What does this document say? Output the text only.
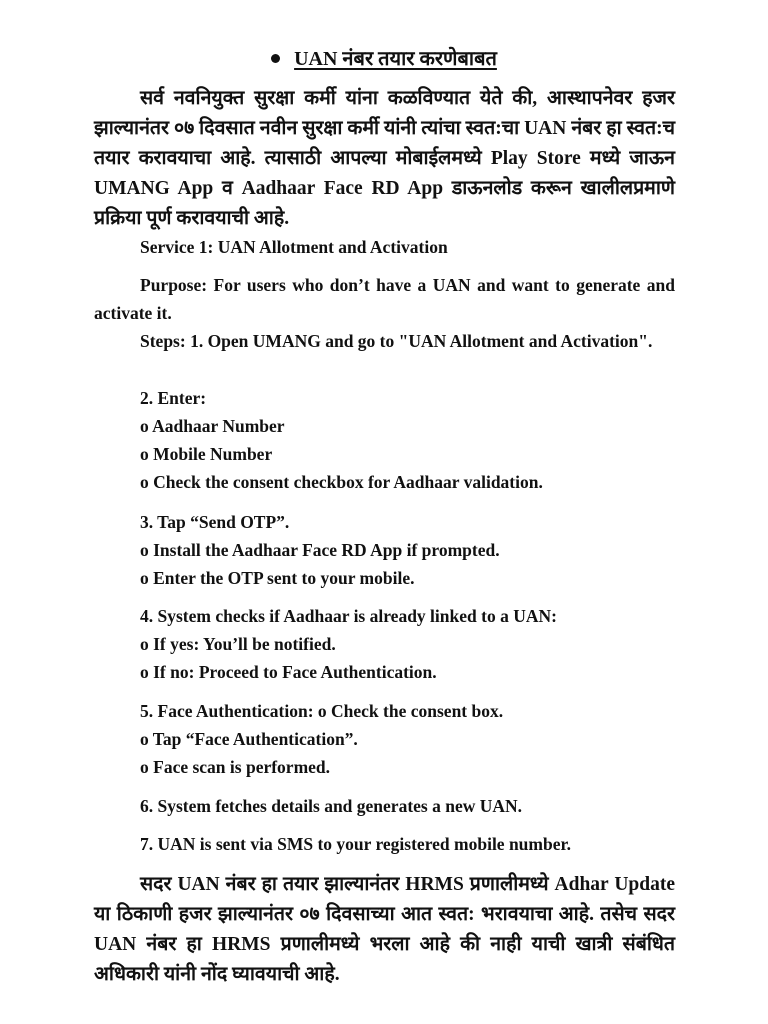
UAN नंबर तयार करणेबाबत
सर्व नवनियुक्त सुरक्षा कर्मी यांना कळविण्यात येते की, आस्थापनेवर हजर झाल्यानंतर ०७ दिवसात नवीन सुरक्षा कर्मी यांनी त्यांचा स्वत:चा UAN नंबर हा स्वत:च तयार करावयाचा आहे. त्यासाठी आपल्या मोबाईलमध्ये Play Store मध्ये जाऊन UMANG App व Aadhaar Face RD App डाऊनलोड करून खालीलप्रमाणे प्रक्रिया पूर्ण करावयाची आहे.
Service 1: UAN Allotment and Activation
Purpose: For users who don’t have a UAN and want to generate and activate it.
Steps: 1. Open UMANG and go to "UAN Allotment and Activation".
2. Enter:
o Aadhaar Number
o Mobile Number
o Check the consent checkbox for Aadhaar validation.
3. Tap “Send OTP”.
o Install the Aadhaar Face RD App if prompted.
o Enter the OTP sent to your mobile.
4. System checks if Aadhaar is already linked to a UAN:
o If yes: You’ll be notified.
o If no: Proceed to Face Authentication.
5. Face Authentication: o Check the consent box.
o Tap “Face Authentication”.
o Face scan is performed.
6. System fetches details and generates a new UAN.
7. UAN is sent via SMS to your registered mobile number.
सदर UAN नंबर हा तयार झाल्यानंतर HRMS प्रणालीमध्ये Adhar Update या ठिकाणी हजर झाल्यानंतर ०७ दिवसाच्या आत स्वत: भरावयाचा आहे. तसेच सदर UAN नंबर हा HRMS प्रणालीमध्ये भरला आहे की नाही याची खात्री संबंधित अधिकारी यांनी नोंद घ्यावयाची आहे.
